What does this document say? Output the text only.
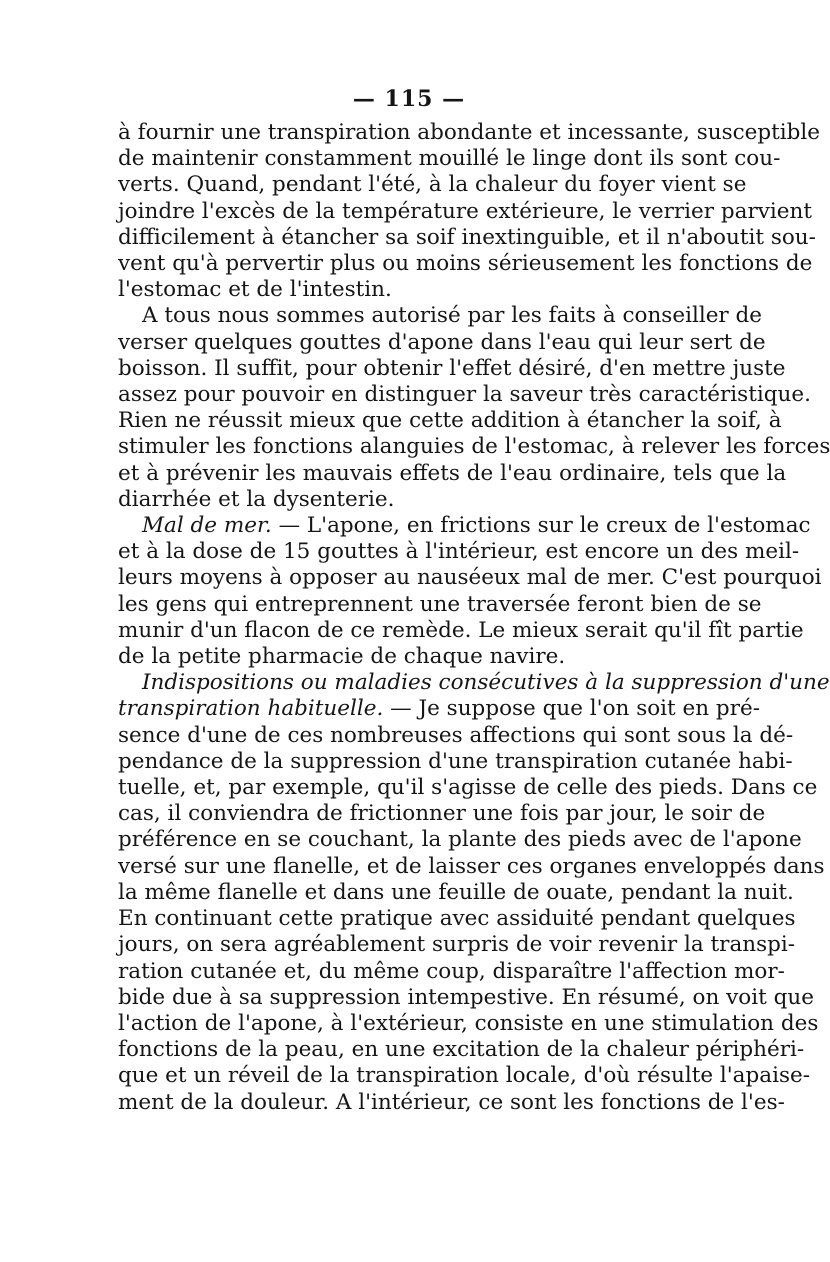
— 115 —
à fournir une transpiration abondante et incessante, susceptible
de maintenir constamment mouillé le linge dont ils sont cou-
verts. Quand, pendant l'été, à la chaleur du foyer vient se
joindre l'excès de la température extérieure, le verrier parvient
difficilement à étancher sa soif inextinguible, et il n'aboutit sou-
vent qu'à pervertir plus ou moins sérieusement les fonctions de
l'estomac et de l'intestin.
A tous nous sommes autorisé par les faits à conseiller de
verser quelques gouttes d'apone dans l'eau qui leur sert de
boisson. Il suffit, pour obtenir l'effet désiré, d'en mettre juste
assez pour pouvoir en distinguer la saveur très caractéristique.
Rien ne réussit mieux que cette addition à étancher la soif, à
stimuler les fonctions alanguies de l'estomac, à relever les forces
et à prévenir les mauvais effets de l'eau ordinaire, tels que la
diarrhée et la dysenterie.
Mal de mer. — L'apone, en frictions sur le creux de l'estomac
et à la dose de 15 gouttes à l'intérieur, est encore un des meil-
leurs moyens à opposer au nauséeux mal de mer. C'est pourquoi
les gens qui entreprennent une traversée feront bien de se
munir d'un flacon de ce remède. Le mieux serait qu'il fît partie
de la petite pharmacie de chaque navire.
Indispositions ou maladies consécutives à la suppression d'une
transpiration habituelle. — Je suppose que l'on soit en pré-
sence d'une de ces nombreuses affections qui sont sous la dé-
pendance de la suppression d'une transpiration cutanée habi-
tuelle, et, par exemple, qu'il s'agisse de celle des pieds. Dans ce
cas, il conviendra de frictionner une fois par jour, le soir de
préférence en se couchant, la plante des pieds avec de l'apone
versé sur une flanelle, et de laisser ces organes enveloppés dans
la même flanelle et dans une feuille de ouate, pendant la nuit.
En continuant cette pratique avec assiduité pendant quelques
jours, on sera agréablement surpris de voir revenir la transpi-
ration cutanée et, du même coup, disparaître l'affection mor-
bide due à sa suppression intempestive. En résumé, on voit que
l'action de l'apone, à l'extérieur, consiste en une stimulation des
fonctions de la peau, en une excitation de la chaleur périphéri-
que et un réveil de la transpiration locale, d'où résulte l'apaise-
ment de la douleur. A l'intérieur, ce sont les fonctions de l'es-
